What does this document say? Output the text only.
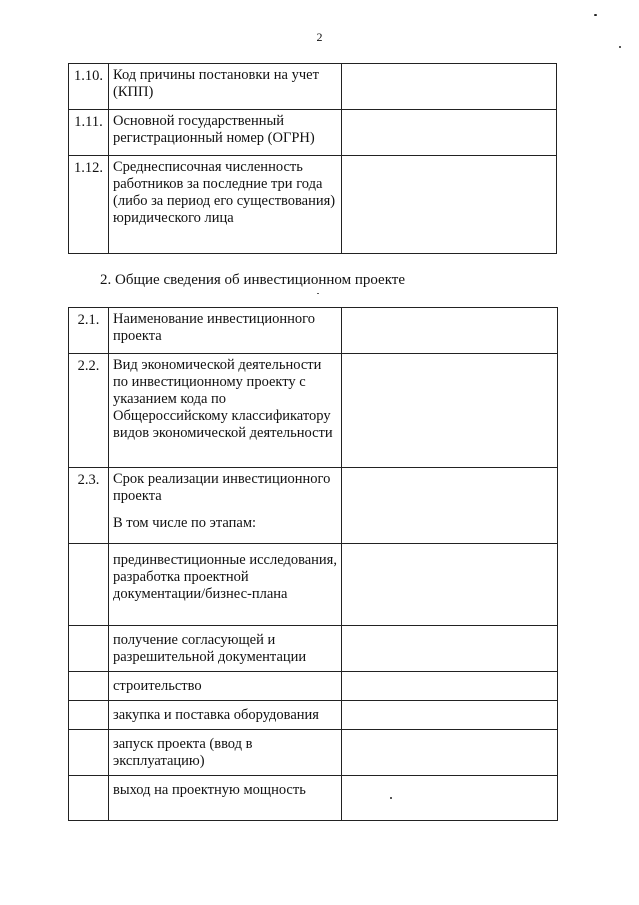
2
1.10.	Код причины постановки на учет (КПП)	
1.11.	Основной государственный регистрационный номер (ОГРН)	
1.12.	Среднесписочная численность работников за последние три года (либо за период его существования) юридического лица	
2. Общие сведения об инвестиционном проекте
2.1.	Наименование инвестиционного проекта	
2.2.	Вид экономической деятельности по инвестиционному проекту с указанием кода по Общероссийскому классификатору видов экономической деятельности	
2.3.	Срок реализации инвестиционного проекта
В том числе по этапам:	

	прединвестиционные исследования, разработка проектной документации/бизнес-плана	
	получение согласующей и разрешительной документации	
	строительство	
	закупка и поставка оборудования	
	запуск проекта (ввод в эксплуатацию)	
	выход на проектную мощность	
